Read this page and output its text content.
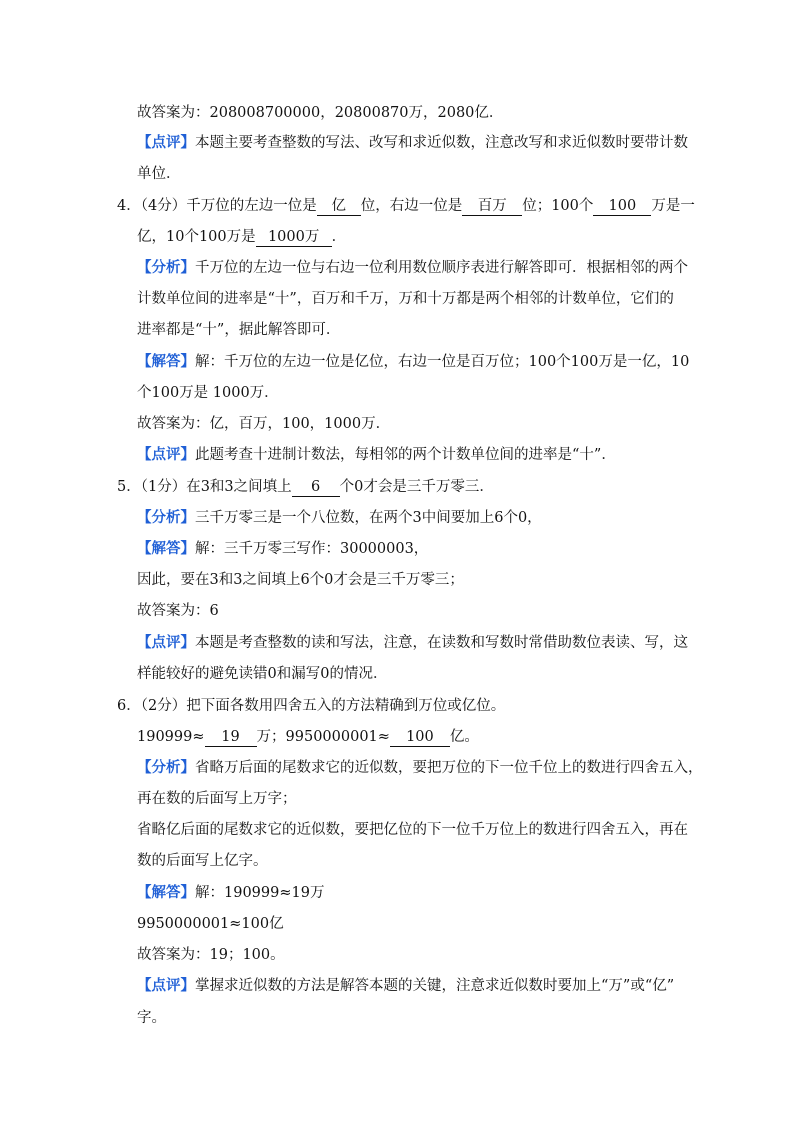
故答案为：208008700000，20800870万，2080亿．
【点评】本题主要考查整数的写法、改写和求近似数，注意改写和求近似数时要带计数
单位．
4．（4分）千万位的左边一位是 亿 位，右边一位是 百万 位；100个 100 万是一
亿，10个100万是 1000万 ．
【分析】千万位的左边一位与右边一位利用数位顺序表进行解答即可．根据相邻的两个
计数单位间的进率是“十”，百万和千万，万和十万都是两个相邻的计数单位，它们的
进率都是“十”，据此解答即可．
【解答】解：千万位的左边一位是亿位，右边一位是百万位；100个100万是一亿，10
个100万是 1000万．
故答案为：亿，百万，100，1000万．
【点评】此题考查十进制计数法，每相邻的两个计数单位间的进率是“十”．
5．（1分）在3和3之间填上 6 个0才会是三千万零三．
【分析】三千万零三是一个八位数，在两个3中间要加上6个0，
【解答】解：三千万零三写作：30000003，
因此，要在3和3之间填上6个0才会是三千万零三；
故答案为：6
【点评】本题是考查整数的读和写法，注意，在读数和写数时常借助数位表读、写，这
样能较好的避免读错0和漏写0的情况．
6．（2分）把下面各数用四舍五入的方法精确到万位或亿位。
190999≈ 19 万；9950000001≈ 100 亿。
【分析】省略万后面的尾数求它的近似数，要把万位的下一位千位上的数进行四舍五入，
再在数的后面写上万字；
省略亿后面的尾数求它的近似数，要把亿位的下一位千万位上的数进行四舍五入，再在
数的后面写上亿字。
【解答】解：190999≈19万
9950000001≈100亿
故答案为：19；100。
【点评】掌握求近似数的方法是解答本题的关键，注意求近似数时要加上“万”或“亿”
字。
